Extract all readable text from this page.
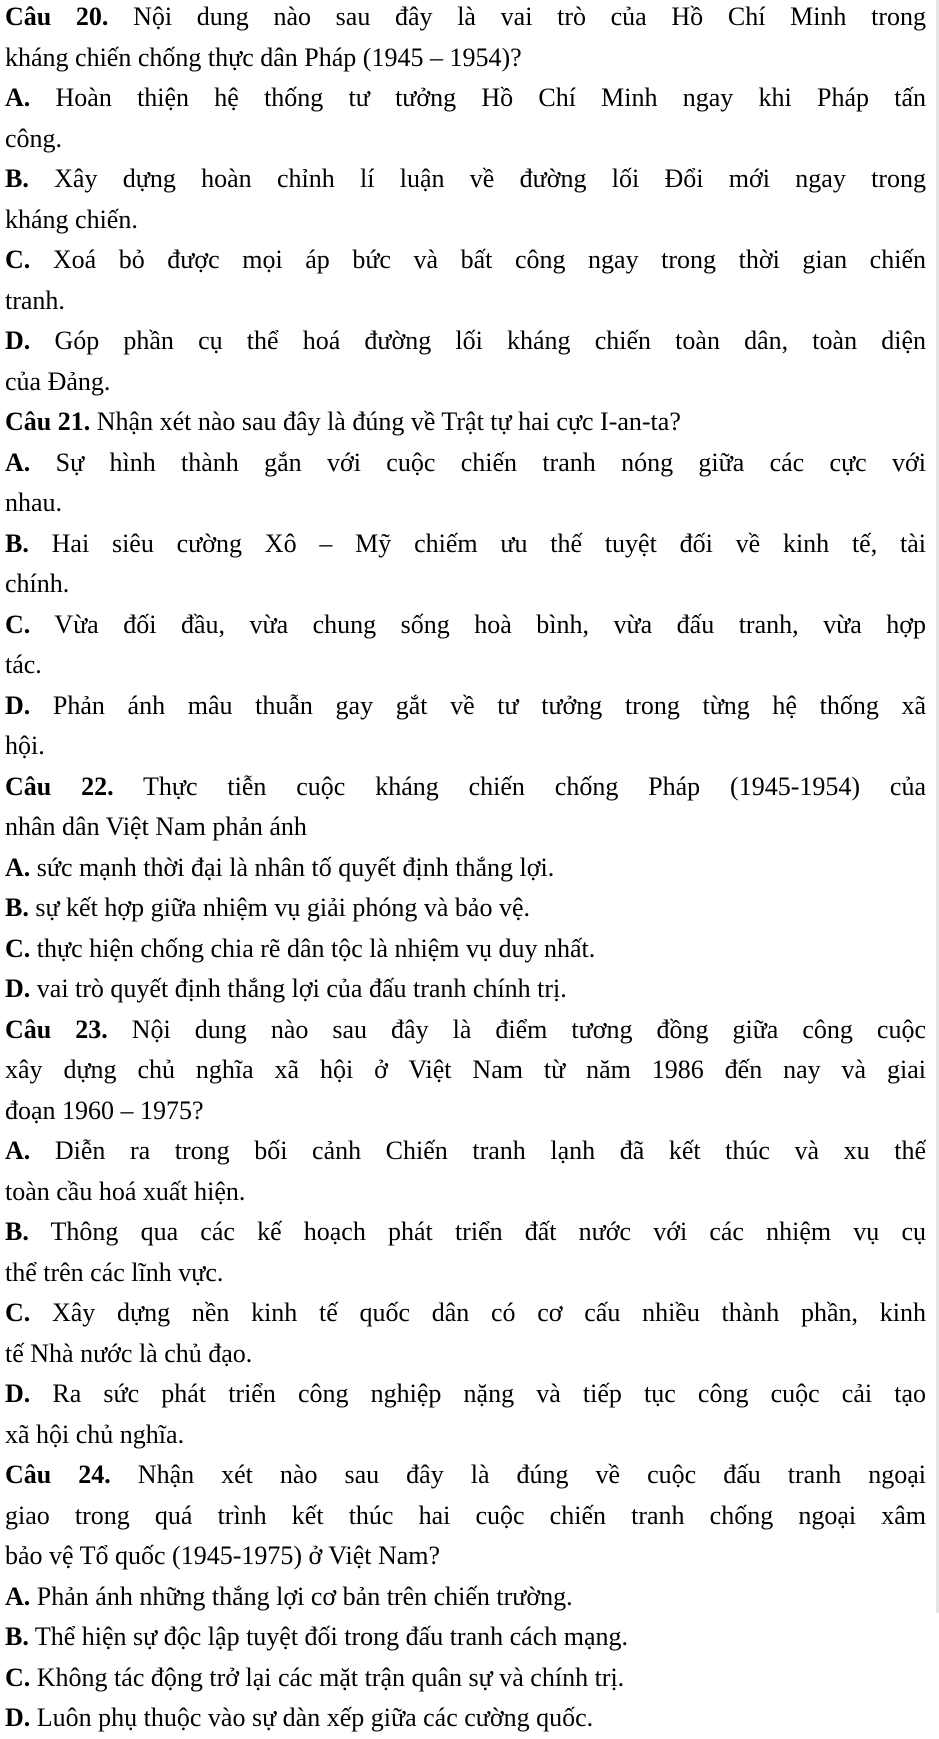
Câu 20. Nội dung nào sau đây là vai trò của Hồ Chí Minh trong
kháng chiến chống thực dân Pháp (1945 – 1954)?
A. Hoàn thiện hệ thống tư tưởng Hồ Chí Minh ngay khi Pháp tấn
công.
B. Xây dựng hoàn chỉnh lí luận về đường lối Đổi mới ngay trong
kháng chiến.
C. Xoá bỏ được mọi áp bức và bất công ngay trong thời gian chiến
tranh.
D. Góp phần cụ thể hoá đường lối kháng chiến toàn dân, toàn diện
của Đảng.
Câu 21. Nhận xét nào sau đây là đúng về Trật tự hai cực I-an-ta?
A. Sự hình thành gắn với cuộc chiến tranh nóng giữa các cực với
nhau.
B. Hai siêu cường Xô – Mỹ chiếm ưu thế tuyệt đối về kinh tế, tài
chính.
C. Vừa đối đầu, vừa chung sống hoà bình, vừa đấu tranh, vừa hợp
tác.
D. Phản ánh mâu thuẫn gay gắt về tư tưởng trong từng hệ thống xã
hội.
Câu 22. Thực tiễn cuộc kháng chiến chống Pháp (1945-1954) của
nhân dân Việt Nam phản ánh
A. sức mạnh thời đại là nhân tố quyết định thắng lợi.
B. sự kết hợp giữa nhiệm vụ giải phóng và bảo vệ.
C. thực hiện chống chia rẽ dân tộc là nhiệm vụ duy nhất.
D. vai trò quyết định thắng lợi của đấu tranh chính trị.
Câu 23. Nội dung nào sau đây là điểm tương đồng giữa công cuộc
xây dựng chủ nghĩa xã hội ở Việt Nam từ năm 1986 đến nay và giai
đoạn 1960 – 1975?
A. Diễn ra trong bối cảnh Chiến tranh lạnh đã kết thúc và xu thế
toàn cầu hoá xuất hiện.
B. Thông qua các kế hoạch phát triển đất nước với các nhiệm vụ cụ
thể trên các lĩnh vực.
C. Xây dựng nền kinh tế quốc dân có cơ cấu nhiều thành phần, kinh
tế Nhà nước là chủ đạo.
D. Ra sức phát triển công nghiệp nặng và tiếp tục công cuộc cải tạo
xã hội chủ nghĩa.
Câu 24. Nhận xét nào sau đây là đúng về cuộc đấu tranh ngoại
giao trong quá trình kết thúc hai cuộc chiến tranh chống ngoại xâm
bảo vệ Tổ quốc (1945-1975) ở Việt Nam?
A. Phản ánh những thắng lợi cơ bản trên chiến trường.
B. Thể hiện sự độc lập tuyệt đối trong đấu tranh cách mạng.
C. Không tác động trở lại các mặt trận quân sự và chính trị.
D. Luôn phụ thuộc vào sự dàn xếp giữa các cường quốc.
